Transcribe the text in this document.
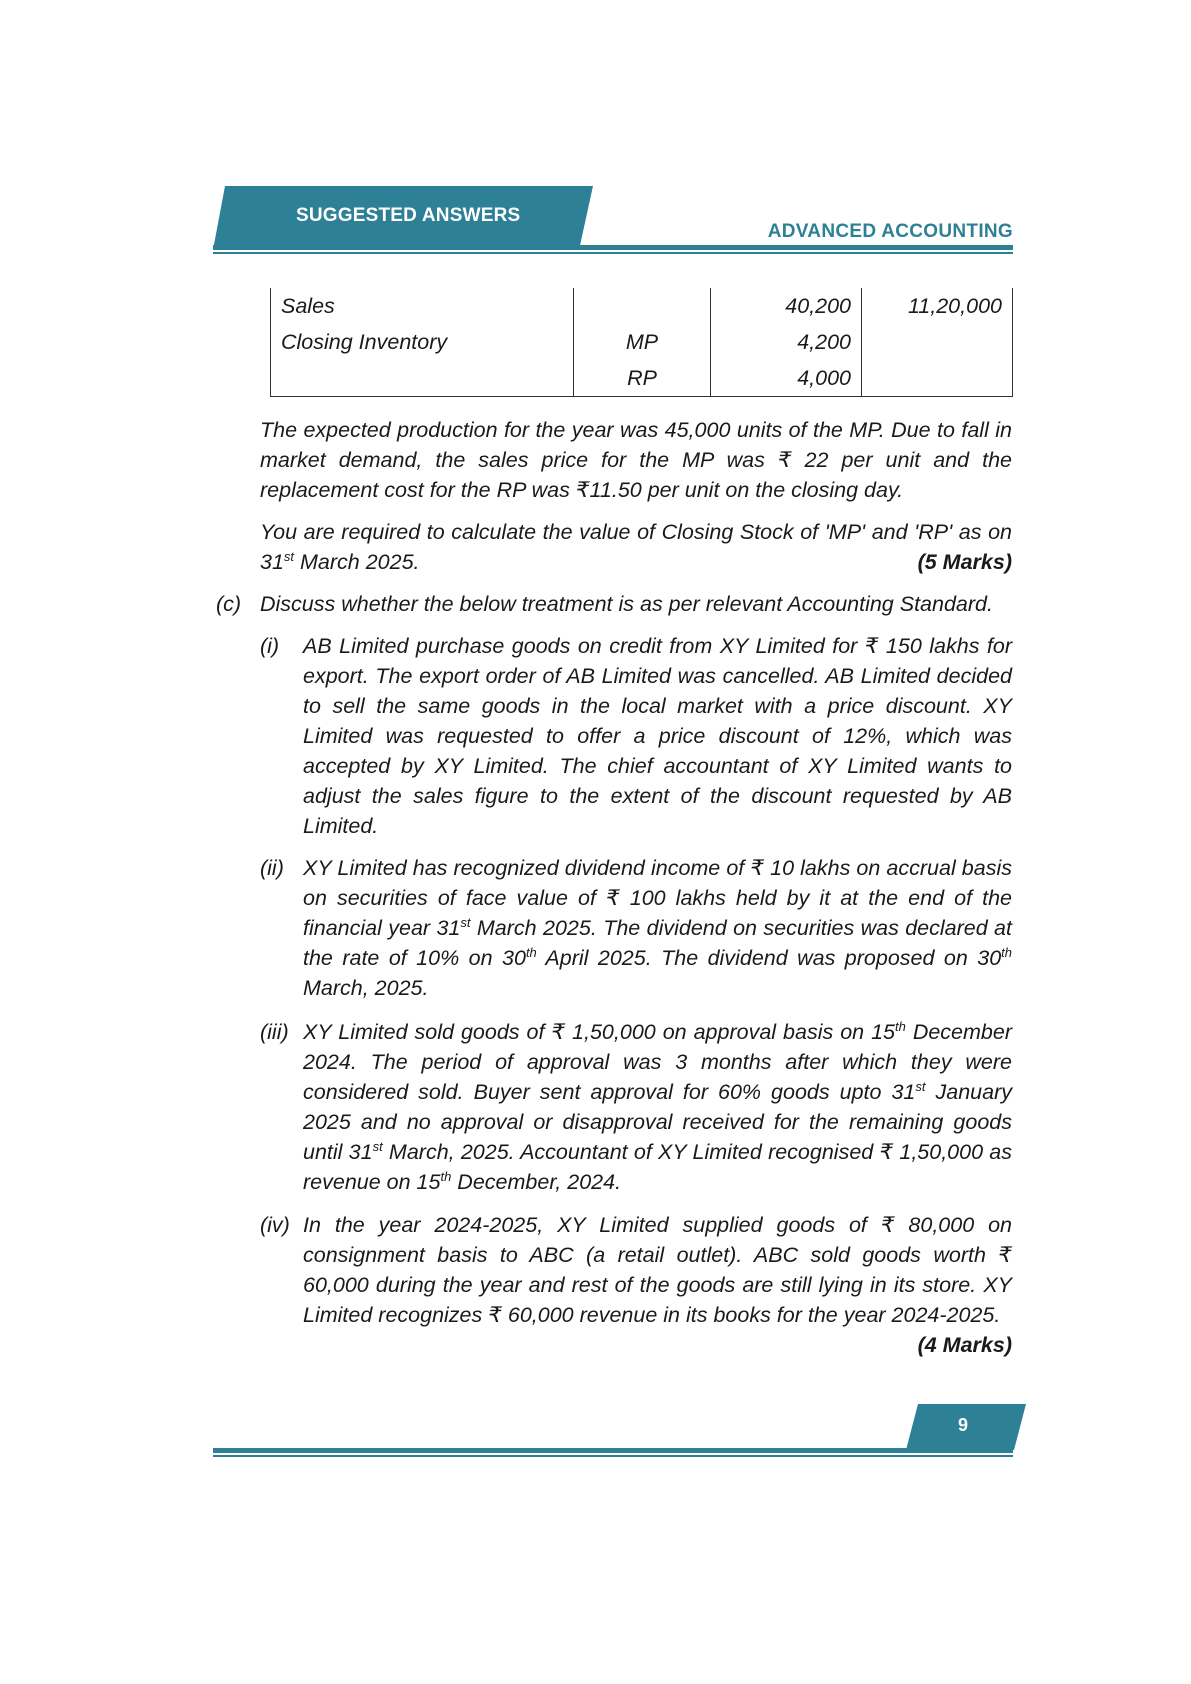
SUGGESTED ANSWERS
ADVANCED ACCOUNTING
Sales		40,200	11,20,000
Closing Inventory	MP	4,200	
	RP	4,000	
The expected production for the year was 45,000 units of the MP. Due to fall in market demand, the sales price for the MP was ₹ 22 per unit and the replacement cost for the RP was ₹11.50 per unit on the closing day.
You are required to calculate the value of Closing Stock of 'MP' and 'RP' as on 31st March 2025.	(5 Marks)
(c) Discuss whether the below treatment is as per relevant Accounting Standard.
(i) AB Limited purchase goods on credit from XY Limited for ₹ 150 lakhs for export. The export order of AB Limited was cancelled. AB Limited decided to sell the same goods in the local market with a price discount. XY Limited was requested to offer a price discount of 12%, which was accepted by XY Limited. The chief accountant of XY Limited wants to adjust the sales figure to the extent of the discount requested by AB Limited.
(ii) XY Limited has recognized dividend income of ₹ 10 lakhs on accrual basis on securities of face value of ₹ 100 lakhs held by it at the end of the financial year 31st March 2025. The dividend on securities was declared at the rate of 10% on 30th April 2025. The dividend was proposed on 30th March, 2025.
(iii) XY Limited sold goods of ₹ 1,50,000 on approval basis on 15th December 2024. The period of approval was 3 months after which they were considered sold. Buyer sent approval for 60% goods upto 31st January 2025 and no approval or disapproval received for the remaining goods until 31st March, 2025. Accountant of XY Limited recognised ₹ 1,50,000 as revenue on 15th December, 2024.
(iv) In the year 2024-2025, XY Limited supplied goods of ₹ 80,000 on consignment basis to ABC (a retail outlet). ABC sold goods worth ₹ 60,000 during the year and rest of the goods are still lying in its store. XY Limited recognizes ₹ 60,000 revenue in its books for the year 2024-2025.
(4 Marks)
9
